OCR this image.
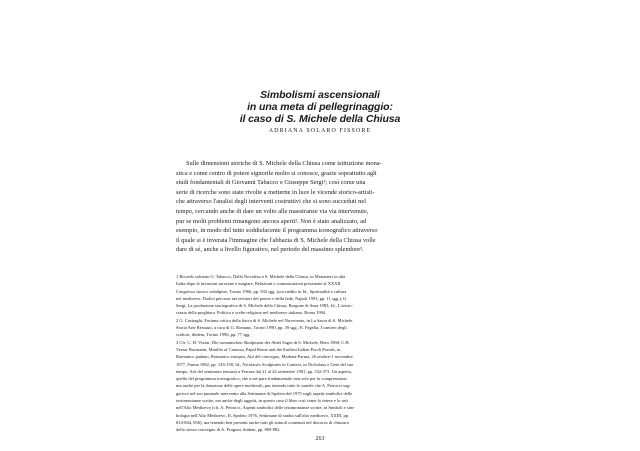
Simbolismi ascensionali
in una meta di pellegrinaggio:
il caso di S. Michele della Chiusa
ADRIANA SOLARO FISSORE
Sulle dimensioni storiche di S. Michele della Chiusa come istituzione mona-
stica e come centro di potere signorile molto si conosce, grazie soprattutto agli
studi fondamentali di Giovanni Tabacco e Giuseppe Sergi¹; così come una
serie di ricerche sono state rivolte a metterne in luce le vicende storico-artisti-
che attraverso l'analisi degli interventi costruttivi che si sono succeduti nel
tempo, cercando anche di dare un volto alle maestranze via via intervenute,
pur se molti problemi rimangono ancora aperti². Non è stato analizzato, ad
esempio, in modo del tutto soddisfacente il programma iconografico attraverso
il quale si è inverata l'immagine che l'abbazia di S. Michele della Chiusa volle
dare di sé, anche a livello figurativo, nel periodo del massimo splendore³.
1 Ricordo soltanto G. Tabacco, Dalla Novalesa a S. Michele della Chiusa, in Monasteri in alta
Italia dopo le invasioni saracene e magiare, Relazioni e comunicazioni presentate al XXXII
Congresso storico subalpino, Torino 1966, pp. 502 sgg. (ora riedito in Id., Spiritualità e cultura
nel medioevo. Dodici percorsi nei territori del potere e della fede, Napoli 1993, pp. 11 sgg.); G.
Sergi, La produzione storiografica di S. Michele della Chiusa, Borgone di Susa 1983; Id., L'aristo-
crazia della preghiera. Politica e scelte religiose nel medioevo italiano, Roma 1994.
2 G. Casiraghi, Fortuna critica della Sacra di S. Michele nel Novecento, in La Sacra di S. Michele.
Storia Arte Restauri, a cura di G. Romano, Torino 1990, pp. 39 sgg.; E. Pagella, I cantieri degli
scultori, ibidem, Torino 1990, pp. 77 sgg.
3 Cfr. C. H. Verzar, Die romanischen Skulpturen der Abtei Sagra di S. Michele, Bern 1968; C.H.
Verzar Bornstein, Matilda of Canossa, Papal Rome and the Earliest Italian Porch Portals, in
Romanico padano, Romanico europeo, Atti del convegno, Modena-Parma, 26 ottobre-1 novembre
1977, Parma 1982, pp. 143-158; Id., Nicolaus's Sculptures in Context, in Nicholaus e l'arte del suo
tempo, Atti del seminario tenutosi a Ferrara dal 21 al 24 settembre 1981, pp. 332-373. Un aspetto,
quello del programma iconografico, che a me pare fondamentale non solo per la comprensione,
ma anche per la datazione delle opere medievali, pur tenendo tutte le cautele che A. Petrucci sug-
gerisce nel suo puntuale intervento alla Settimana di Spoleto del 1975 sugli aspetti simbolici delle
testimonianze scritte, ma anche degli oggetti, in questo caso il libro così come lo intese e lo usò
nell'Alto Medioevo (cfr. A. Petrucci, Aspetti simbolici delle testimonianze scritte, in Simboli e sim-
bologia nell'Alto Medioevo, II, Spoleto 1976, Settimane di studio sull'alto medioevo, XXIII, pp.
814-844, 856), ma tenendo ben presenti anche tutti gli stimoli contenuti nel discorso di chiusura
dello stesso convegno di A. Frugoni, ibidem, pp. 869-882.
263
